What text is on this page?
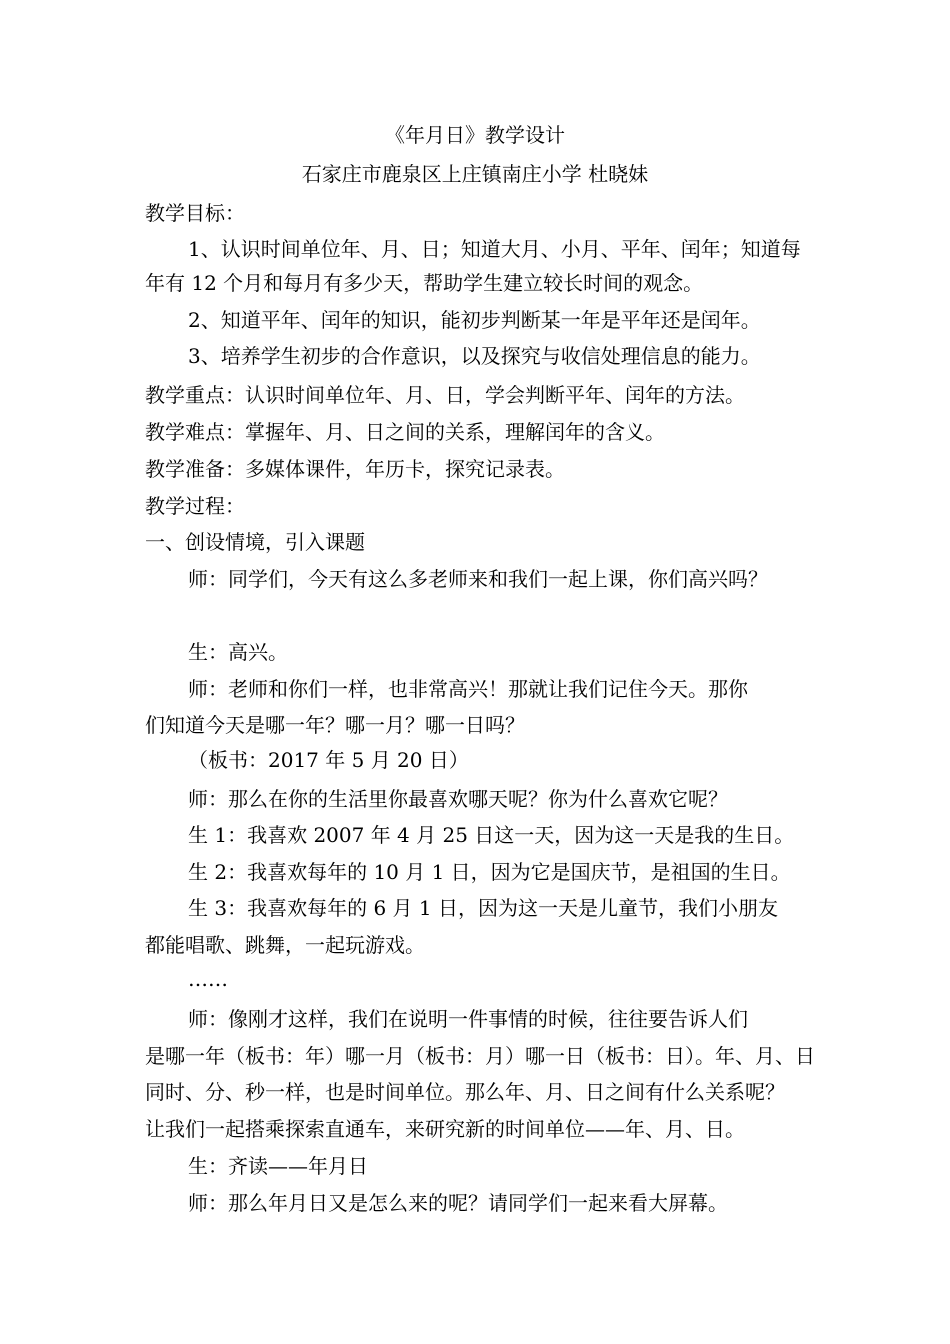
《年月日》教学设计
石家庄市鹿泉区上庄镇南庄小学 杜晓妹
教学目标：
1、认识时间单位年、月、日；知道大月、小月、平年、闰年；知道每
年有 12 个月和每月有多少天，帮助学生建立较长时间的观念。
2、知道平年、闰年的知识，能初步判断某一年是平年还是闰年。
3、培养学生初步的合作意识，以及探究与收信处理信息的能力。
教学重点：认识时间单位年、月、日，学会判断平年、闰年的方法。
教学难点：掌握年、月、日之间的关系，理解闰年的含义。
教学准备：多媒体课件，年历卡，探究记录表。
教学过程：
一、创设情境，引入课题
师：同学们，今天有这么多老师来和我们一起上课，你们高兴吗？
生：高兴。
师：老师和你们一样，也非常高兴！那就让我们记住今天。那你
们知道今天是哪一年？哪一月？哪一日吗？
（板书：2017 年 5 月 20 日）
师：那么在你的生活里你最喜欢哪天呢？你为什么喜欢它呢？
生 1：我喜欢 2007 年 4 月 25 日这一天，因为这一天是我的生日。
生 2：我喜欢每年的 10 月 1 日，因为它是国庆节，是祖国的生日。
生 3：我喜欢每年的 6 月 1 日，因为这一天是儿童节，我们小朋友
都能唱歌、跳舞，一起玩游戏。
……
师：像刚才这样，我们在说明一件事情的时候，往往要告诉人们
是哪一年（板书：年）哪一月（板书：月）哪一日（板书：日）。年、月、日
同时、分、秒一样，也是时间单位。那么年、月、日之间有什么关系呢？
让我们一起搭乘探索直通车，来研究新的时间单位——年、月、日。
生：齐读——年月日
师：那么年月日又是怎么来的呢？请同学们一起来看大屏幕。
